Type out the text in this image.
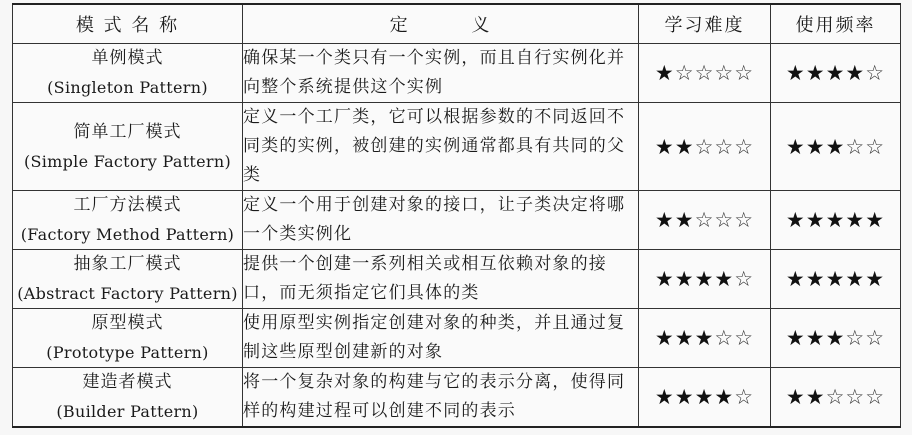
模 式 名 称	定        义	学习难度	使用频率

单例模式
(Singleton Pattern)	确保某一个类只有一个实例，而且自行实例化并向整个系统提供这个实例	★☆☆☆☆	★★★★☆

简单工厂模式
(Simple Factory Pattern)	定义一个工厂类，它可以根据参数的不同返回不同类的实例，被创建的实例通常都具有共同的父类	★★☆☆☆	★★★☆☆

工厂方法模式
(Factory Method Pattern)	定义一个用于创建对象的接口，让子类决定将哪一个类实例化	★★☆☆☆	★★★★★

抽象工厂模式
(Abstract Factory Pattern)	提供一个创建一系列相关或相互依赖对象的接口，而无须指定它们具体的类	★★★★☆	★★★★★

原型模式
(Prototype Pattern)	使用原型实例指定创建对象的种类，并且通过复制这些原型创建新的对象	★★★☆☆	★★★☆☆

建造者模式
(Builder Pattern)	将一个复杂对象的构建与它的表示分离，使得同样的构建过程可以创建不同的表示	★★★★☆	★★☆☆☆
